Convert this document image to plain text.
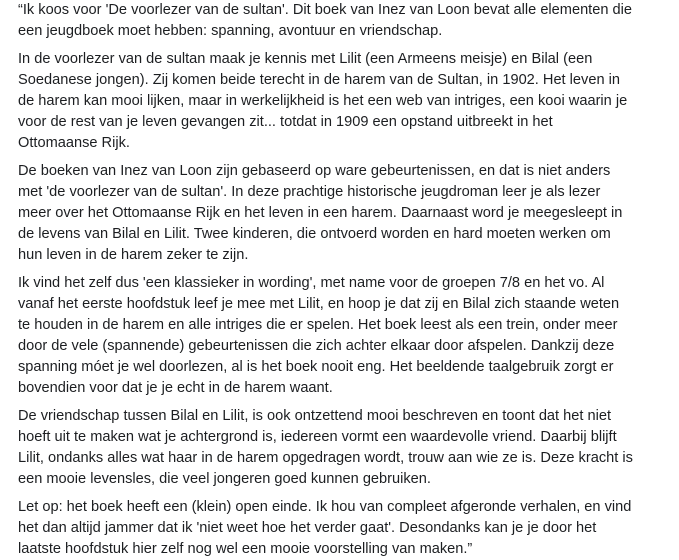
“Ik koos voor 'De voorlezer van de sultan'. Dit boek van Inez van Loon bevat alle elementen die
een jeugdboek moet hebben: spanning, avontuur en vriendschap.

In de voorlezer van de sultan maak je kennis met Lilit (een Armeens meisje) en Bilal (een
Soedanese jongen). Zij komen beide terecht in de harem van de Sultan, in 1902. Het leven in
de harem kan mooi lijken, maar in werkelijkheid is het een web van intriges, een kooi waarin je
voor de rest van je leven gevangen zit... totdat in 1909 een opstand uitbreekt in het
Ottomaanse Rijk.

De boeken van Inez van Loon zijn gebaseerd op ware gebeurtenissen, en dat is niet anders
met 'de voorlezer van de sultan'. In deze prachtige historische jeugdroman leer je als lezer
meer over het Ottomaanse Rijk en het leven in een harem. Daarnaast word je meegesleept in
de levens van Bilal en Lilit. Twee kinderen, die ontvoerd worden en hard moeten werken om
hun leven in de harem zeker te zijn.

Ik vind het zelf dus 'een klassieker in wording', met name voor de groepen 7/8 en het vo. Al
vanaf het eerste hoofdstuk leef je mee met Lilit, en hoop je dat zij en Bilal zich staande weten
te houden in de harem en alle intriges die er spelen. Het boek leest als een trein, onder meer
door de vele (spannende) gebeurtenissen die zich achter elkaar door afspelen. Dankzij deze
spanning móet je wel doorlezen, al is het boek nooit eng. Het beeldende taalgebruik zorgt er
bovendien voor dat je je echt in de harem waant.

De vriendschap tussen Bilal en Lilit, is ook ontzettend mooi beschreven en toont dat het niet
hoeft uit te maken wat je achtergrond is, iedereen vormt een waardevolle vriend. Daarbij blijft
Lilit, ondanks alles wat haar in de harem opgedragen wordt, trouw aan wie ze is. Deze kracht is
een mooie levensles, die veel jongeren goed kunnen gebruiken.

Let op: het boek heeft een (klein) open einde. Ik hou van compleet afgeronde verhalen, en vind
het dan altijd jammer dat ik 'niet weet hoe het verder gaat'. Desondanks kan je je door het
laatste hoofdstuk hier zelf nog wel een mooie voorstelling van maken.”
